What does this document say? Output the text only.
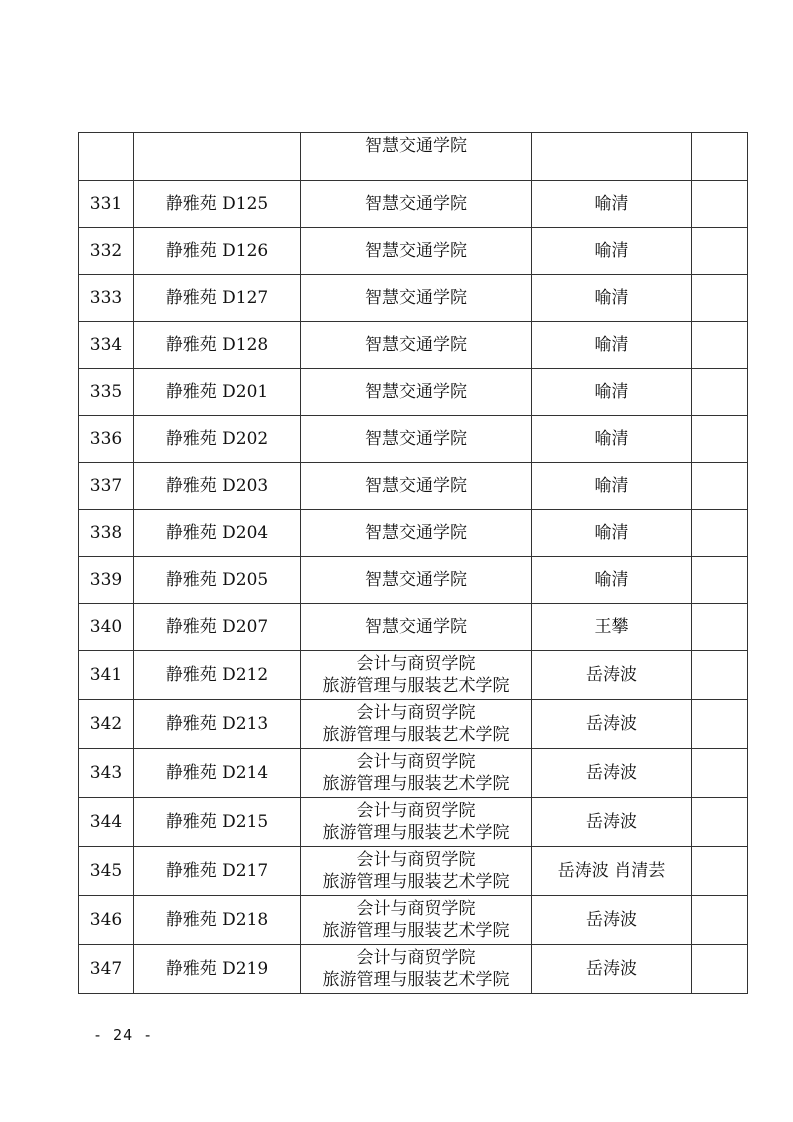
		智慧交通学院		

331	静雅苑 D125	智慧交通学院	喻清	
332	静雅苑 D126	智慧交通学院	喻清	
333	静雅苑 D127	智慧交通学院	喻清	
334	静雅苑 D128	智慧交通学院	喻清	
335	静雅苑 D201	智慧交通学院	喻清	
336	静雅苑 D202	智慧交通学院	喻清	
337	静雅苑 D203	智慧交通学院	喻清	
338	静雅苑 D204	智慧交通学院	喻清	
339	静雅苑 D205	智慧交通学院	喻清	
340	静雅苑 D207	智慧交通学院	王攀	
341	静雅苑 D212	会计与商贸学院
旅游管理与服装艺术学院	岳涛波	
342	静雅苑 D213	会计与商贸学院
旅游管理与服装艺术学院	岳涛波	
343	静雅苑 D214	会计与商贸学院
旅游管理与服装艺术学院	岳涛波	
344	静雅苑 D215	会计与商贸学院
旅游管理与服装艺术学院	岳涛波	
345	静雅苑 D217	会计与商贸学院
旅游管理与服装艺术学院	岳涛波 肖清芸	
346	静雅苑 D218	会计与商贸学院
旅游管理与服装艺术学院	岳涛波	
347	静雅苑 D219	会计与商贸学院
旅游管理与服装艺术学院	岳涛波	
- 24 -
